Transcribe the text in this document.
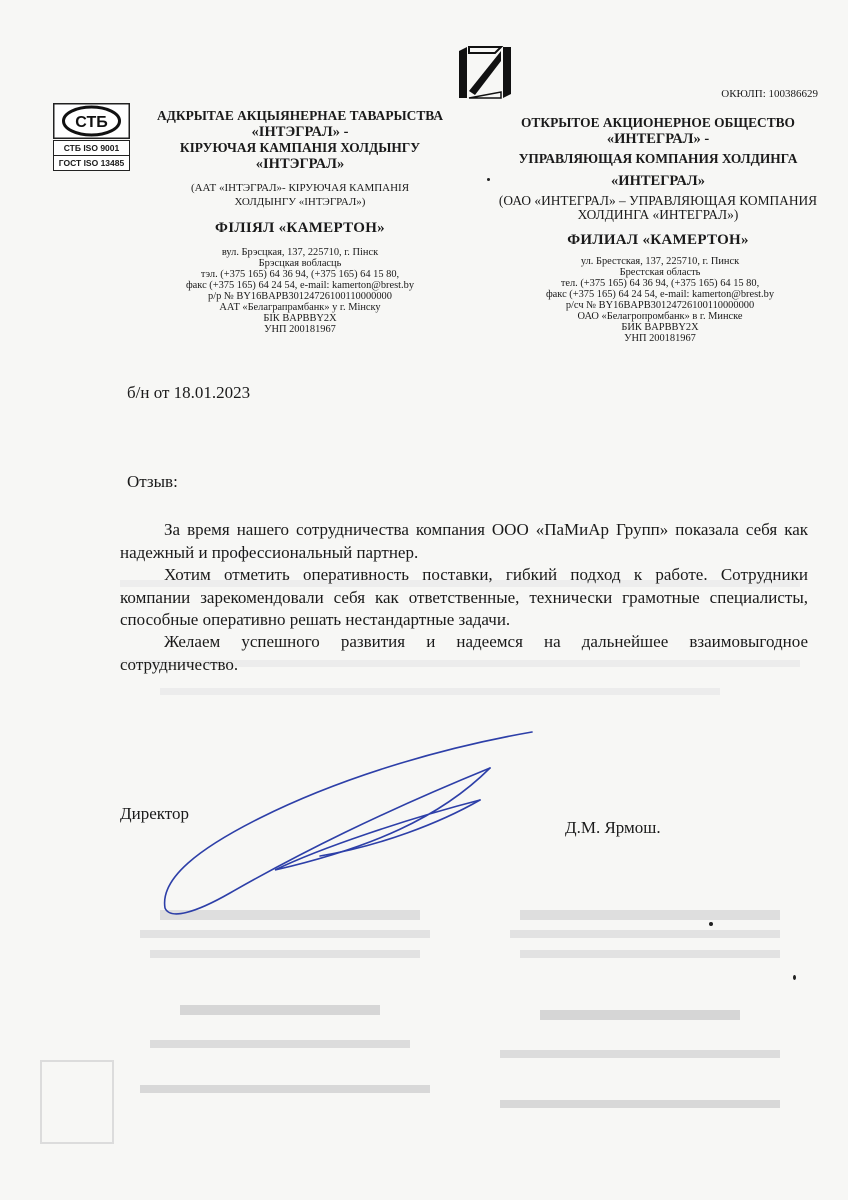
ОКЮЛП: 100386629
СТБ
СТБ ISO 9001
ГОСТ ISO 13485
АДКРЫТАЕ АКЦЫЯНЕРНАЕ ТАВАРЫСТВА
«ІНТЭГРАЛ» -
КІРУЮЧАЯ КАМПАНІЯ ХОЛДЫНГУ
«ІНТЭГРАЛ»
(ААТ «ІНТЭГРАЛ»- КІРУЮЧАЯ КАМПАНІЯ
ХОЛДЫНГУ «ІНТЭГРАЛ»)
ФІЛІЯЛ «КАМЕРТОН»
вул. Брэсцкая, 137, 225710, г. Пінск
Брэсцкая вобласць
тэл. (+375 165) 64 36 94, (+375 165) 64 15 80,
факс (+375 165) 64 24 54, e-mail: kamerton@brest.by
р/р № BY16BAPB30124726100110000000
ААТ «Белаграпрамбанк» у г. Мінску
БІК BAPBBY2X
УНП 200181967
ОТКРЫТОЕ АКЦИОНЕРНОЕ ОБЩЕСТВО
«ИНТЕГРАЛ» -
УПРАВЛЯЮЩАЯ КОМПАНИЯ ХОЛДИНГА
«ИНТЕГРАЛ»
(ОАО «ИНТЕГРАЛ» – УПРАВЛЯЮЩАЯ КОМПАНИЯ
ХОЛДИНГА «ИНТЕГРАЛ»)
ФИЛИАЛ «КАМЕРТОН»
ул. Брестская, 137, 225710, г. Пинск
Брестская область
тел. (+375 165) 64 36 94, (+375 165) 64 15 80,
факс (+375 165) 64 24 54, e-mail: kamerton@brest.by
р/сч № BY16BAPB30124726100110000000
ОАО «Белагропромбанк» в г. Минске
БИК BAPBBY2X
УНП 200181967
б/н от 18.01.2023
Отзыв:
За время нашего сотрудничества компания ООО «ПаМиАр Групп» показала себя как надежный и профессиональный партнер.
Хотим отметить оперативность поставки, гибкий подход к работе. Сотрудники компании зарекомендовали себя как ответственные, технически грамотные специалисты, способные оперативно решать нестандартные задачи.
Желаем успешного развития и надеемся на дальнейшее взаимовыгодное сотрудничество.
Директор
Д.М. Ярмош.
